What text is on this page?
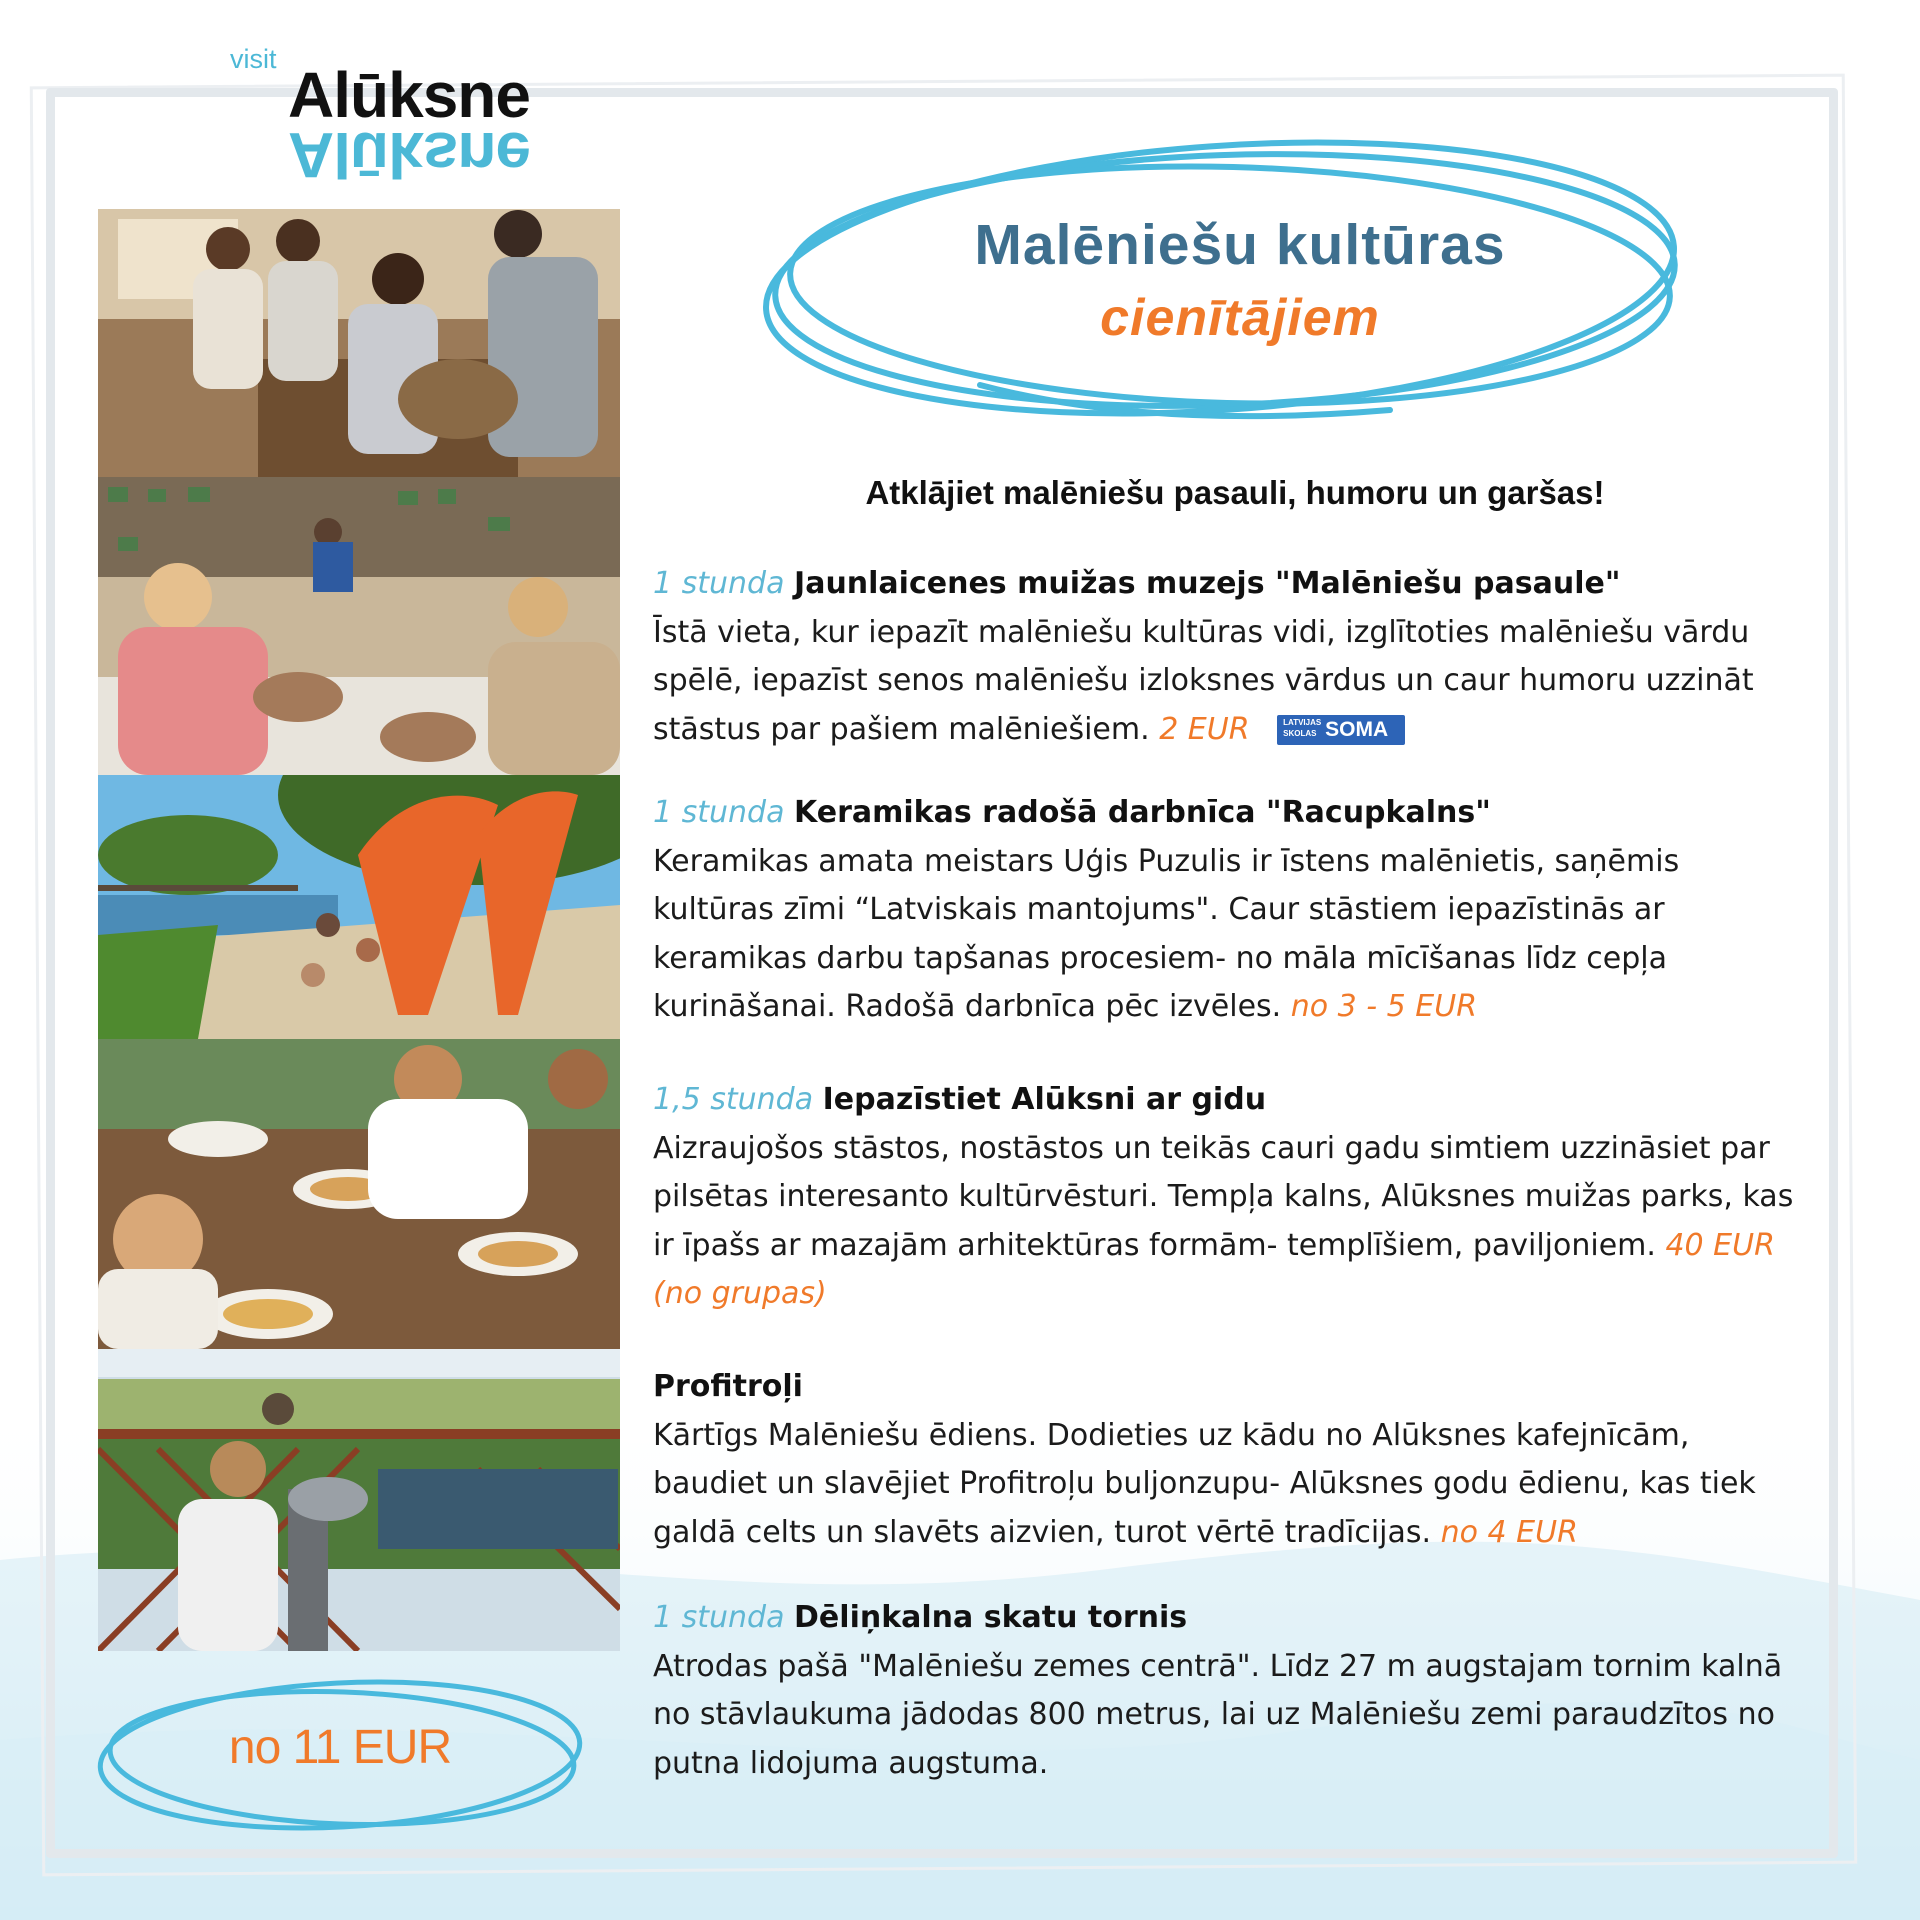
visit Alūksne
Alūksne
Malēniešu kultūras
cienītājiem
Atklājiet malēniešu pasauli, humoru un garšas!
1 stunda Jaunlaicenes muižas muzejs "Malēniešu pasaule"
Īstā vieta, kur iepazīt malēniešu kultūras vidi, izglītoties malēniešu vārdu spēlē, iepazīst senos malēniešu izloksnes vārdus un caur humoru uzzināt stāstus par pašiem malēniešiem. 2 EUR	LATVIJAS
SKOLAS SOMA
1 stunda Keramikas radošā darbnīca "Racupkalns"
Keramikas amata meistars Uģis Puzulis ir īstens malēnietis, saņēmis kultūras zīmi “Latviskais mantojums". Caur stāstiem iepazīstinās ar keramikas darbu tapšanas procesiem- no māla mīcīšanas līdz cepļa kurināšanai. Radošā darbnīca pēc izvēles. no 3 - 5 EUR
1,5 stunda Iepazīstiet Alūksni ar gidu
Aizraujošos stāstos, nostāstos un teikās cauri gadu simtiem uzzināsiet par pilsētas interesanto kultūrvēsturi. Tempļa kalns, Alūksnes muižas parks, kas ir īpašs ar mazajām arhitektūras formām- templīšiem, paviljoniem. 40 EUR (no grupas)
Profitroļi
Kārtīgs Malēniešu ēdiens. Dodieties uz kādu no Alūksnes kafejnīcām, baudiet un slavējiet Profitroļu buljonzupu- Alūksnes godu ēdienu, kas tiek galdā celts un slavēts aizvien, turot vērtē tradīcijas. no 4 EUR
1 stunda Dēliņkalna skatu tornis
Atrodas pašā "Malēniešu zemes centrā". Līdz 27 m augstajam tornim kalnā no stāvlaukuma jādodas 800 metrus, lai uz Malēniešu zemi paraudzītos no putna lidojuma augstuma.
no 11 EUR
